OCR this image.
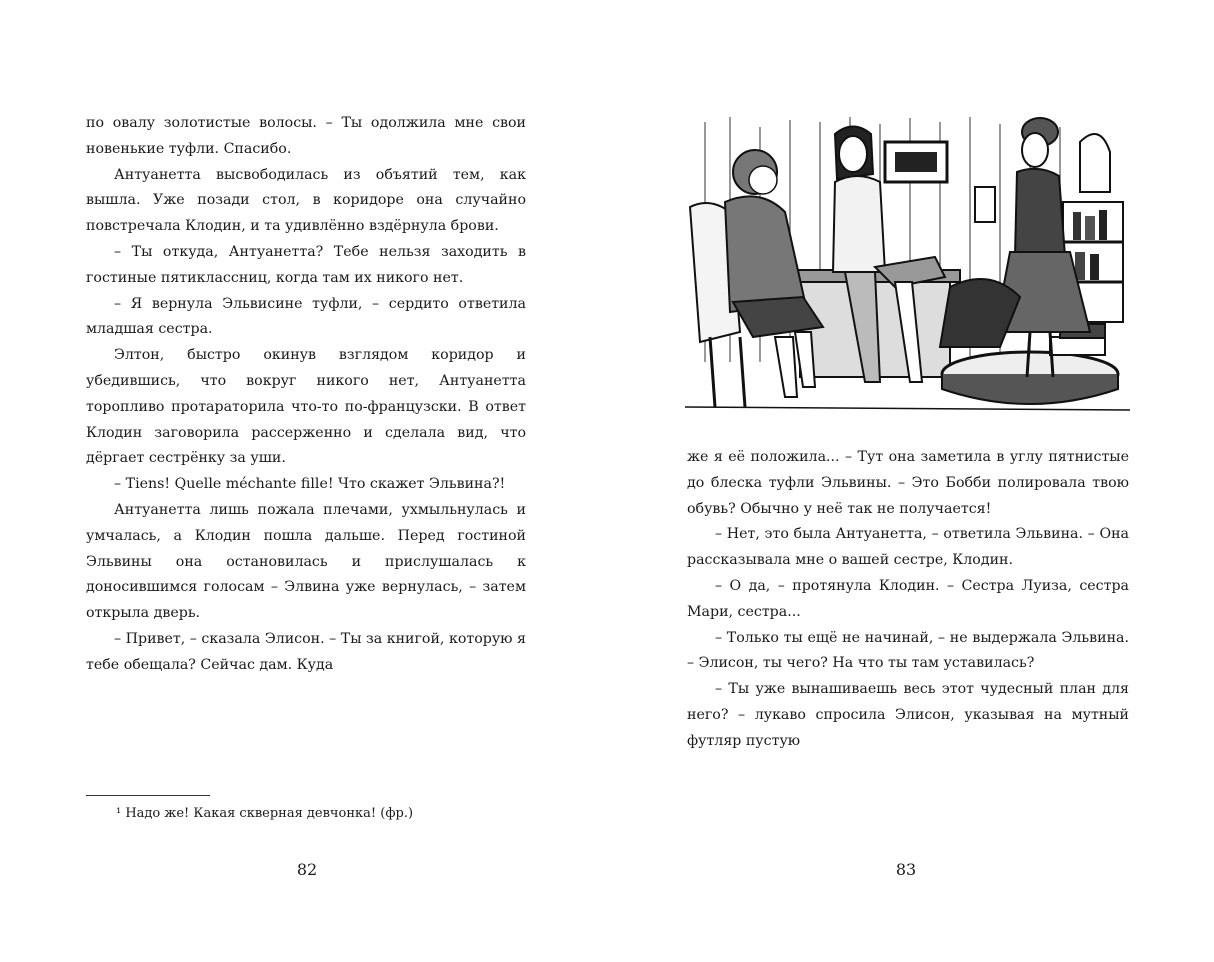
по овалу золотистые волосы. – Ты одолжила мне свои новенькие туфли. Спасибо.

Антуанетта высвободилась из объятий тем, как вышла. Уже позади стол, в коридоре она случайно повстречала Клодин, и та удивлённо вздёрнула брови.

– Ты откуда, Антуанетта? Тебе нельзя заходить в гостиные пятиклассниц, когда там их никого нет.

– Я вернула Эльвисине туфли, – сердито ответила младшая сестра.

Элтон, быстро окинув взглядом коридор и убедившись, что вокруг никого нет, Антуанетта торопливо протараторила что-то по-французски. В ответ Клодин заговорила рассерженно и сделала вид, что дёргает сестрёнку за уши.

– Tiens! Quelle méchante fille! Что скажет Эльвина?!

Антуанетта лишь пожала плечами, ухмыльнулась и умчалась, а Клодин пошла дальше. Перед гостиной Эльвины она остановилась и прислушалась к доносившимся голосам – Элвина уже вернулась, – затем открыла дверь.

– Привет, – сказала Элисон. – Ты за книгой, которую я тебе обещала? Сейчас дам. Куда

¹ Надо же! Какая скверная девчонка! (фр.)
82

же я её положила... – Тут она заметила в углу пятнистые до блеска туфли Эльвины. – Это Бобби полировала твою обувь? Обычно у неё так не получается!

– Нет, это была Антуанетта, – ответила Эльвина. – Она рассказывала мне о вашей сестре, Клодин.

– О да, – протянула Клодин. – Сестра Луиза, сестра Мари, сестра...

– Только ты ещё не начинай, – не выдержала Эльвина. – Элисон, ты чего? На что ты там уставилась?

– Ты уже вынашиваешь весь этот чудесный план для него? – лукаво спросила Элисон, указывая на мутный футляр пустую

83
